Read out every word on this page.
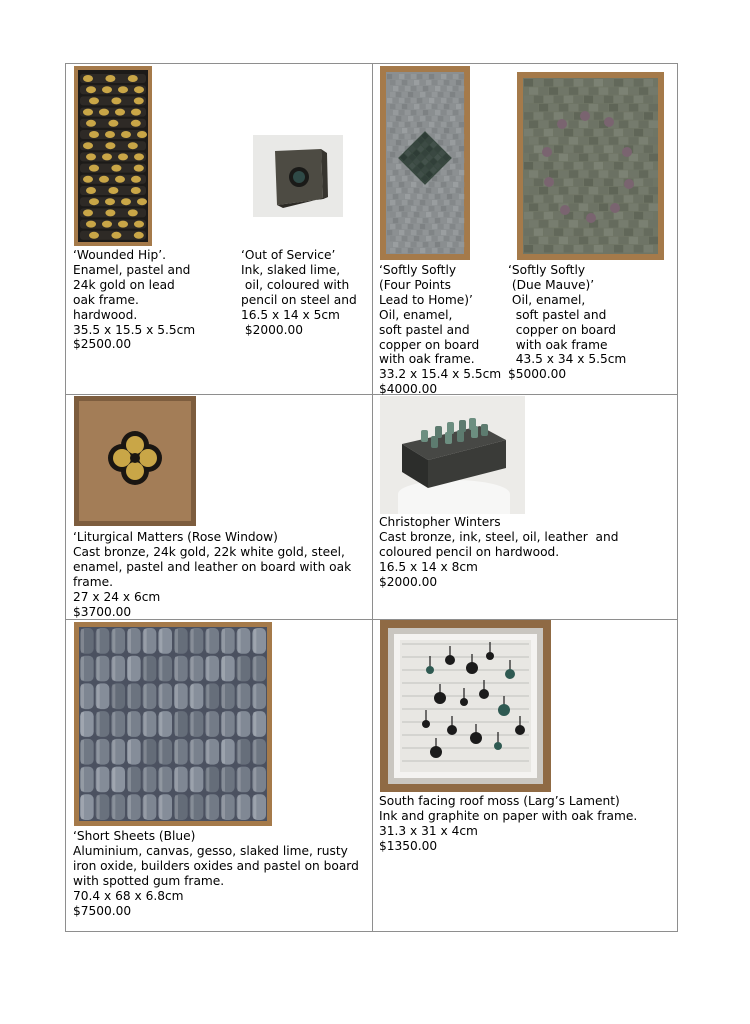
‘Wounded Hip’.
Enamel, pastel and
24k gold on lead
oak frame.
hardwood.
35.5 x 15.5 x 5.5cm
$2500.00
‘Out of Service’
Ink, slaked lime,
oil, coloured with
pencil on steel and
16.5 x 14 x 5cm
$2000.00
‘Softly Softly
(Four Points
Lead to Home)’
Oil, enamel,
soft pastel and
copper on board
with oak frame.
33.2 x 15.4 x 5.5cm
$4000.00
‘Softly Softly
(Due Mauve)’
Oil, enamel,
soft pastel and
copper on board
with oak frame
43.5 x 34 x 5.5cm
$5000.00
‘Liturgical Matters (Rose Window)
Cast bronze, 24k gold, 22k white gold, steel,
enamel, pastel and leather on board with oak
frame.
27 x 24 x 6cm
$3700.00
Christopher Winters
Cast bronze, ink, steel, oil, leather  and
coloured pencil on hardwood.
16.5 x 14 x 8cm
$2000.00
‘Short Sheets (Blue)
Aluminium, canvas, gesso, slaked lime, rusty
iron oxide, builders oxides and pastel on board
with spotted gum frame.
70.4 x 68 x 6.8cm
$7500.00
South facing roof moss (Larg’s Lament)
Ink and graphite on paper with oak frame.
31.3 x 31 x 4cm
$1350.00
